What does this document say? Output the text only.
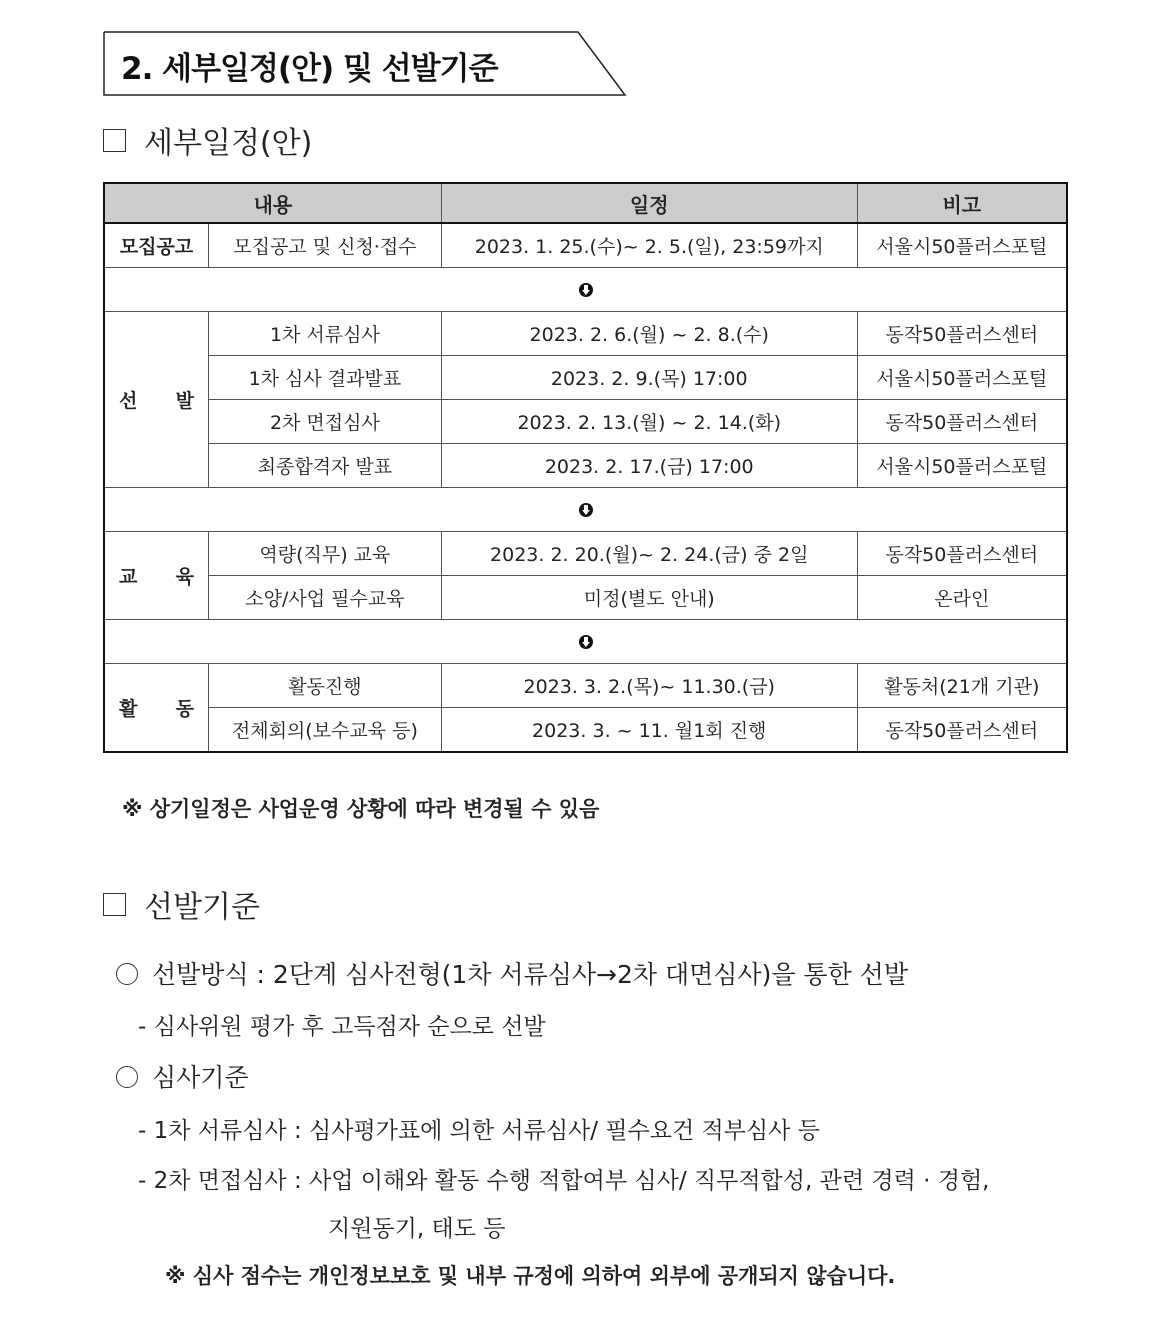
2. 세부일정(안) 및 선발기준
세부일정(안)
내용		일정	비고
모집공고	모집공고 및 신청·접수	2023. 1. 25.(수)~ 2. 5.(일), 23:59까지	서울시50플러스포털

선 발	1차 서류심사	2023. 2. 6.(월) ~ 2. 8.(수)	동작50플러스센터
	1차 심사 결과발표	2023. 2. 9.(목) 17:00	서울시50플러스포털
	2차 면접심사	2023. 2. 13.(월) ~ 2. 14.(화)	동작50플러스센터
	최종합격자 발표	2023. 2. 17.(금) 17:00	서울시50플러스포털

교 육	역량(직무) 교육	2023. 2. 20.(월)~ 2. 24.(금) 중 2일	동작50플러스센터
	소양/사업 필수교육	미정(별도 안내)	온라인

활 동	활동진행	2023. 3. 2.(목)~ 11.30.(금)	활동처(21개 기관)
	전체회의(보수교육 등)	2023. 3. ~ 11. 월1회 진행	동작50플러스센터
※ 상기일정은 사업운영 상황에 따라 변경될 수 있음
선발기준
선발방식 : 2단계 심사전형(1차 서류심사→2차 대면심사)을 통한 선발
- 심사위원 평가 후 고득점자 순으로 선발
심사기준
- 1차 서류심사 : 심사평가표에 의한 서류심사/ 필수요건 적부심사 등
- 2차 면접심사 : 사업 이해와 활동 수행 적합여부 심사/ 직무적합성, 관련 경력 · 경험,
지원동기, 태도 등
※ 심사 점수는 개인정보보호 및 내부 규정에 의하여 외부에 공개되지 않습니다.
